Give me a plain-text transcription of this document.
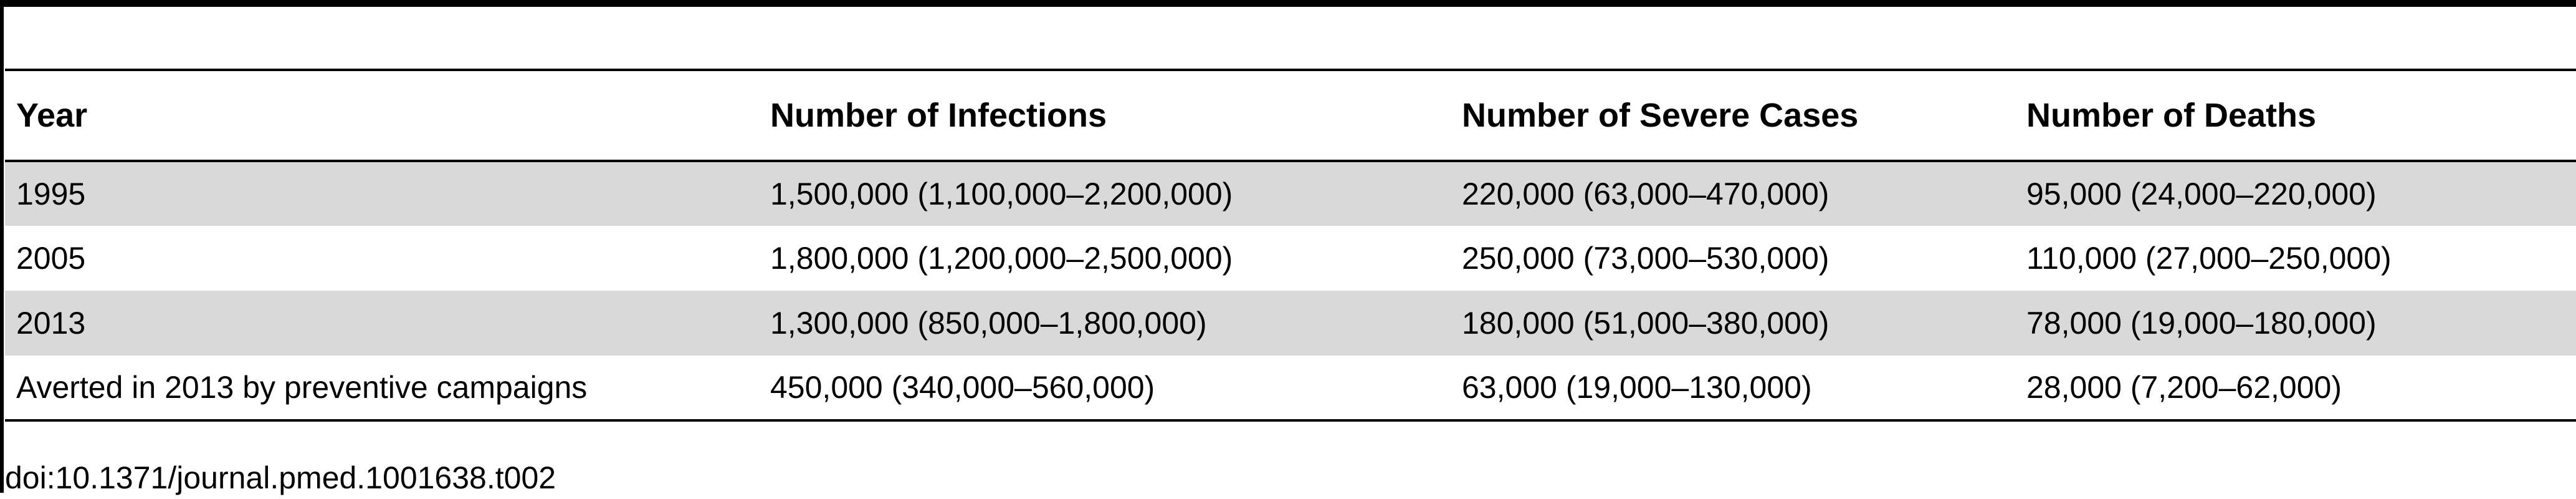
Year	Number of Infections	Number of Severe Cases	Number of Deaths
1995	1,500,000 (1,100,000–2,200,000)	220,000 (63,000–470,000)	95,000 (24,000–220,000)
2005	1,800,000 (1,200,000–2,500,000)	250,000 (73,000–530,000)	110,000 (27,000–250,000)
2013	1,300,000 (850,000–1,800,000)	180,000 (51,000–380,000)	78,000 (19,000–180,000)
Averted in 2013 by preventive campaigns	450,000 (340,000–560,000)	63,000 (19,000–130,000)	28,000 (7,200–62,000)
doi:10.1371/journal.pmed.1001638.t002
